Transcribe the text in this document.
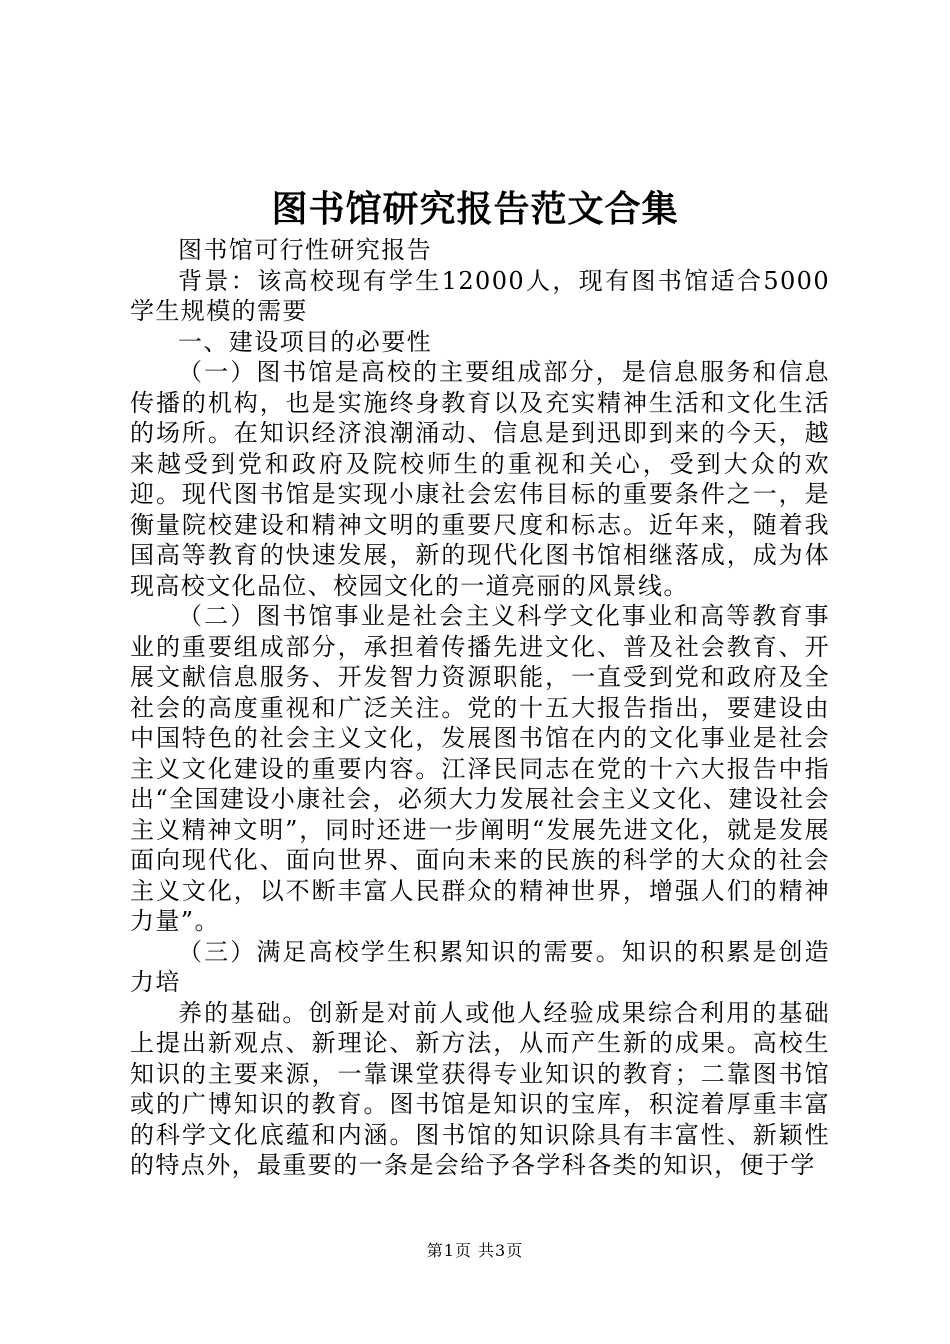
图书馆研究报告范文合集

图书馆可行性研究报告

背景：该高校现有学生12000人，现有图书馆适合5000学生规模的需要

一、建设项目的必要性

（一）图书馆是高校的主要组成部分，是信息服务和信息传播的机构，也是实施终身教育以及充实精神生活和文化生活的场所。在知识经济浪潮涌动、信息是到迅即到来的今天，越来越受到党和政府及院校师生的重视和关心，受到大众的欢迎。现代图书馆是实现小康社会宏伟目标的重要条件之一，是衡量院校建设和精神文明的重要尺度和标志。近年来，随着我国高等教育的快速发展，新的现代化图书馆相继落成，成为体现高校文化品位、校园文化的一道亮丽的风景线。

（二）图书馆事业是社会主义科学文化事业和高等教育事业的重要组成部分，承担着传播先进文化、普及社会教育、开展文献信息服务、开发智力资源职能，一直受到党和政府及全社会的高度重视和广泛关注。党的十五大报告指出，要建设由中国特色的社会主义文化，发展图书馆在内的文化事业是社会主义文化建设的重要内容。江泽民同志在党的十六大报告中指出“全国建设小康社会，必须大力发展社会主义文化、建设社会主义精神文明”，同时还进一步阐明“发展先进文化，就是发展面向现代化、面向世界、面向未来的民族的科学的大众的社会主义文化，以不断丰富人民群众的精神世界，增强人们的精神力量”。

（三）满足高校学生积累知识的需要。知识的积累是创造力培

养的基础。创新是对前人或他人经验成果综合利用的基础上提出新观点、新理论、新方法，从而产生新的成果。高校生知识的主要来源，一靠课堂获得专业知识的教育；二靠图书馆或的广博知识的教育。图书馆是知识的宝库，积淀着厚重丰富的科学文化底蕴和内涵。图书馆的知识除具有丰富性、新颖性的特点外，最重要的一条是会给予各学科各类的知识，便于学

第1页 共3页
